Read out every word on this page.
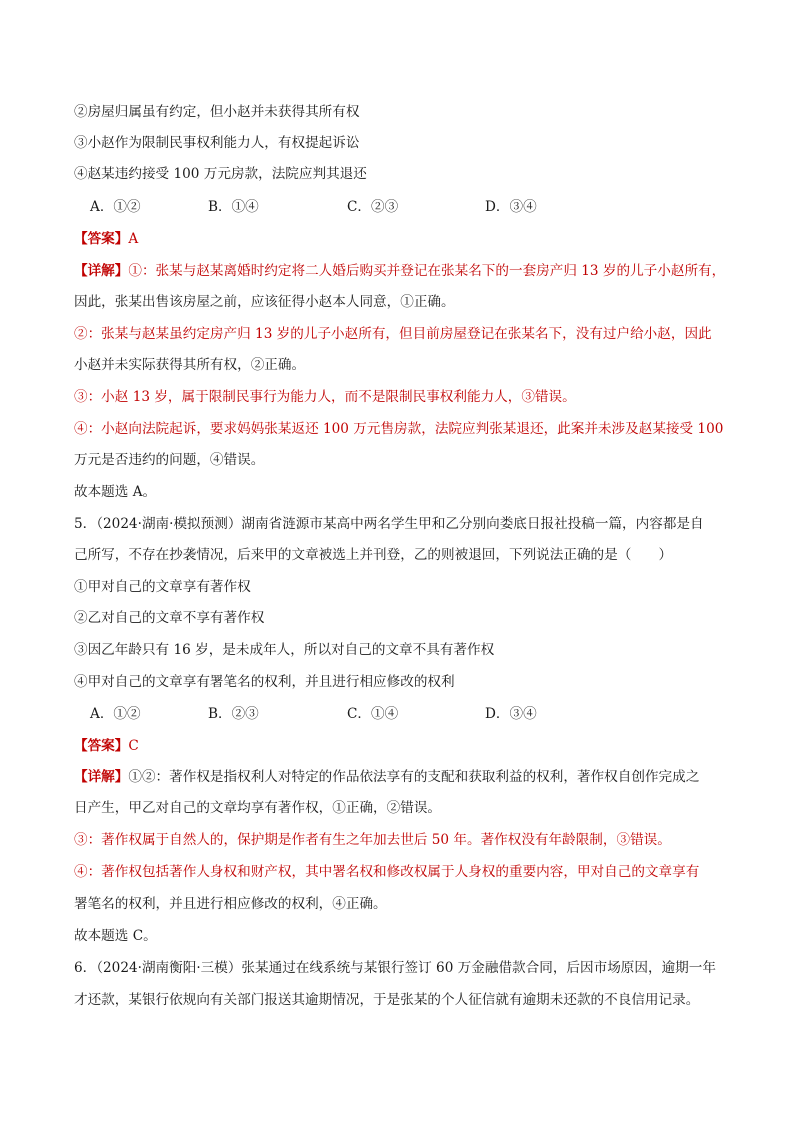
②房屋归属虽有约定，但小赵并未获得其所有权
③小赵作为限制民事权利能力人，有权提起诉讼
④赵某违约接受 100 万元房款，法院应判其退还
A．①②	B．①④	C．②③	D．③④
【答案】A
【详解】①：张某与赵某离婚时约定将二人婚后购买并登记在张某名下的一套房产归 13 岁的儿子小赵所有，
因此，张某出售该房屋之前，应该征得小赵本人同意，①正确。
②：张某与赵某虽约定房产归 13 岁的儿子小赵所有，但目前房屋登记在张某名下，没有过户给小赵，因此
小赵并未实际获得其所有权，②正确。
③：小赵 13 岁，属于限制民事行为能力人，而不是限制民事权利能力人，③错误。
④：小赵向法院起诉，要求妈妈张某返还 100 万元售房款，法院应判张某退还，此案并未涉及赵某接受 100
万元是否违约的问题，④错误。
故本题选 A。
5．（2024·湖南·模拟预测）湖南省涟源市某高中两名学生甲和乙分别向娄底日报社投稿一篇，内容都是自
己所写，不存在抄袭情况，后来甲的文章被选上并刊登，乙的则被退回，下列说法正确的是（　　）
①甲对自己的文章享有著作权
②乙对自己的文章不享有著作权
③因乙年龄只有 16 岁，是未成年人，所以对自己的文章不具有著作权
④甲对自己的文章享有署笔名的权利，并且进行相应修改的权利
A．①②	B．②③	C．①④	D．③④
【答案】C
【详解】①②：著作权是指权利人对特定的作品依法享有的支配和获取利益的权利，著作权自创作完成之
日产生，甲乙对自己的文章均享有著作权，①正确，②错误。
③：著作权属于自然人的，保护期是作者有生之年加去世后 50 年。著作权没有年龄限制，③错误。
④：著作权包括著作人身权和财产权，其中署名权和修改权属于人身权的重要内容，甲对自己的文章享有
署笔名的权利，并且进行相应修改的权利，④正确。
故本题选 C。
6．（2024·湖南衡阳·三模）张某通过在线系统与某银行签订 60 万金融借款合同，后因市场原因，逾期一年
才还款，某银行依规向有关部门报送其逾期情况，于是张某的个人征信就有逾期未还款的不良信用记录。
